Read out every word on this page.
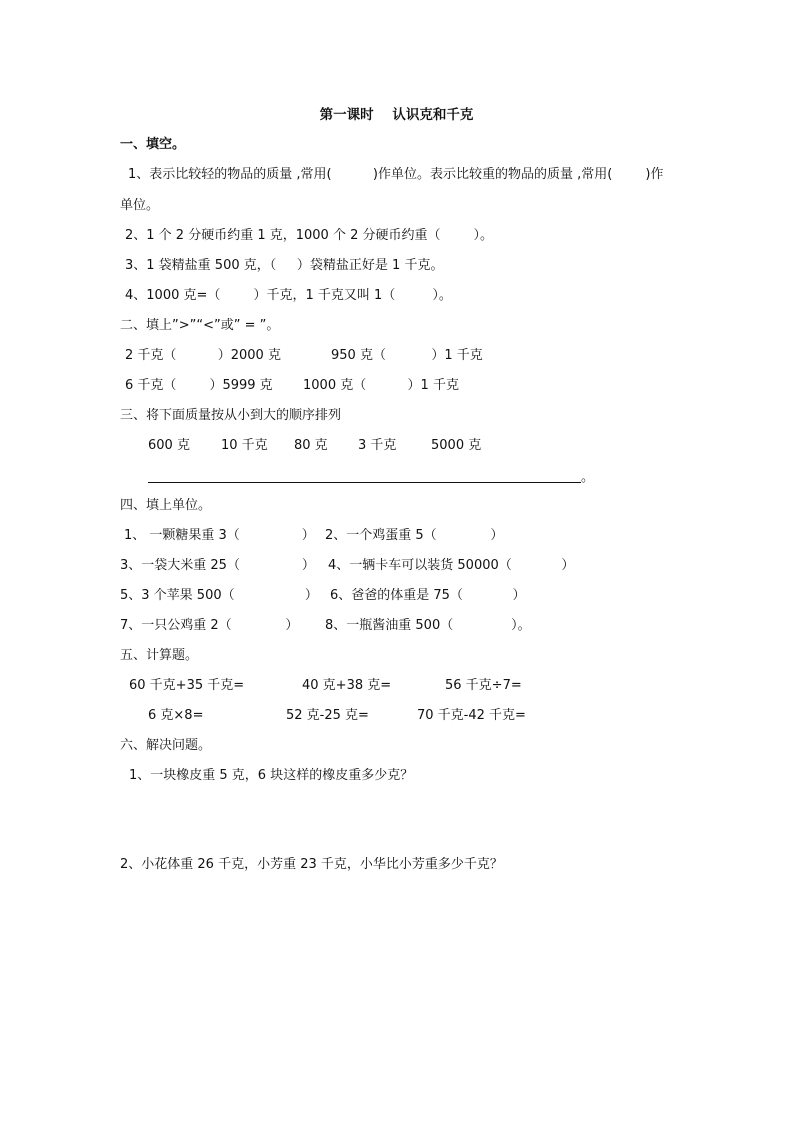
第一课时    认识克和千克
一、填空。
1、表示比较轻的物品的质量 ,常用(          )作单位。表示比较重的物品的质量 ,常用(        )作
单位。
2、1 个 2 分硬币约重 1 克，1000 个 2 分硬币约重（        ）。
3、1 袋精盐重 500 克，（     ）袋精盐正好是 1 千克。
4、1000 克=（        ）千克，1 千克又叫 1（         ）。
二、填上”>”“<”或” = ”。
2 千克（          ）2000 克	950 克（           ）1 千克
6 千克（        ）5999 克 1000 克（          ）1 千克
三、将下面质量按从小到大的顺序排列
600 克 10 千克 80 克 3 千克	5000 克
。
四、填上单位。
1、 一颗糖果重 3（               ） 2、一个鸡蛋重 5（             ）
3、一袋大米重 25（               ） 4、一辆卡车可以装货 50000（            ）
5、3 个苹果 500（                 ） 6、爸爸的体重是 75（            ）
7、一只公鸡重 2（             ） 8、一瓶酱油重 500（              ）。
五、计算题。
60 千克+35 千克=	40 克+38 克=	56 千克÷7=
6 克×8=	52 克-25 克=	70 千克-42 千克=
六、解决问题。
1、一块橡皮重 5 克，6 块这样的橡皮重多少克？
2、小花体重 26 千克，小芳重 23 千克，小华比小芳重多少千克？
